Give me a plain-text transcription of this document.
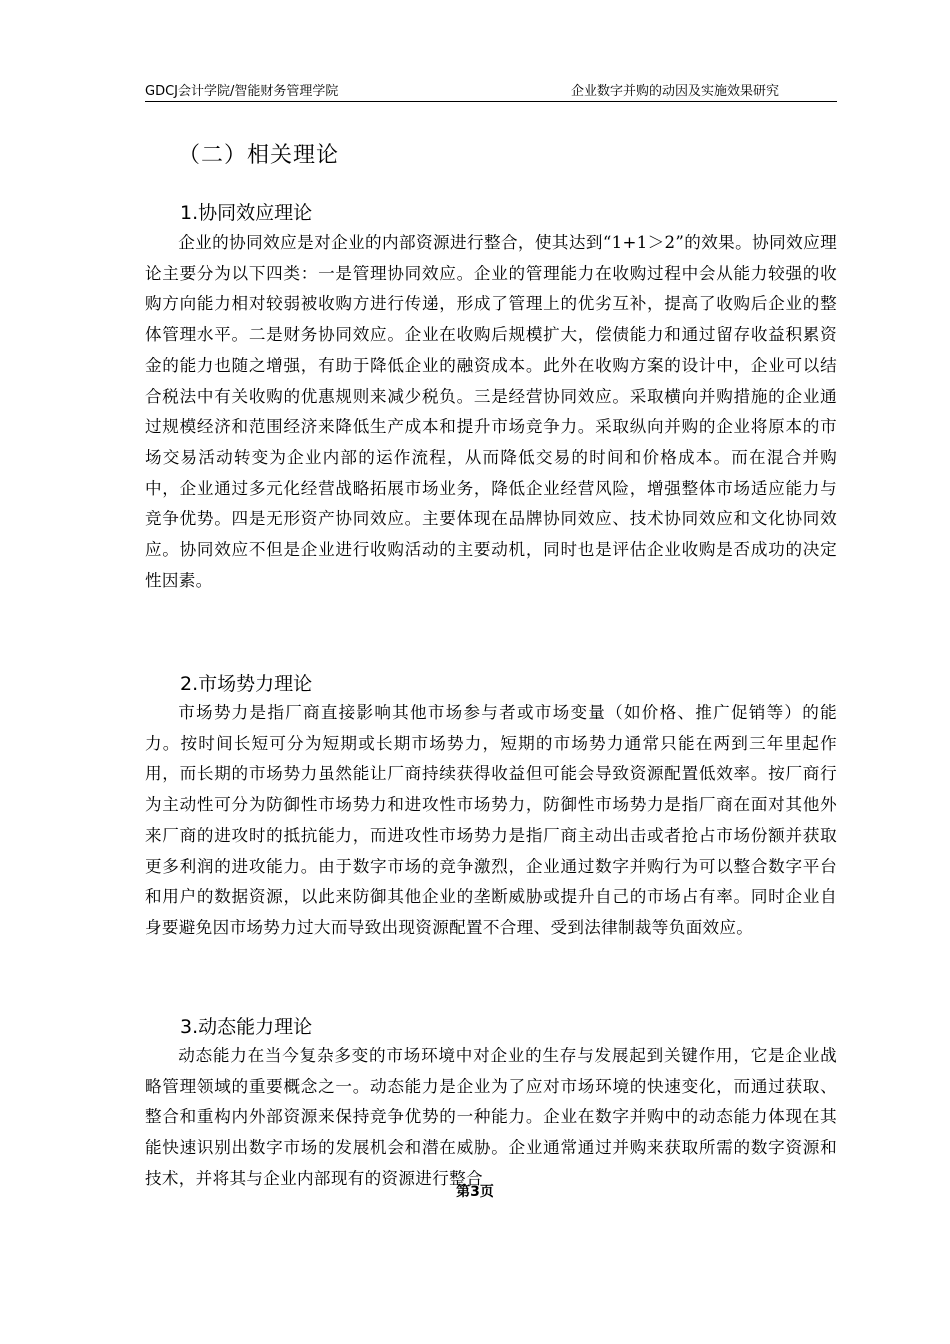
GDCJ会计学院/智能财务管理学院	企业数字并购的动因及实施效果研究
（二）相关理论
1.协同效应理论

企业的协同效应是对企业的内部资源进行整合，使其达到“1+1＞2”的效果。协同效应理论主要分为以下四类：一是管理协同效应。企业的管理能力在收购过程中会从能力较强的收购方向能力相对较弱被收购方进行传递，形成了管理上的优劣互补，提高了收购后企业的整体管理水平。二是财务协同效应。企业在收购后规模扩大，偿债能力和通过留存收益积累资金的能力也随之增强，有助于降低企业的融资成本。此外在收购方案的设计中，企业可以结合税法中有关收购的优惠规则来减少税负。三是经营协同效应。采取横向并购措施的企业通过规模经济和范围经济来降低生产成本和提升市场竞争力。采取纵向并购的企业将原本的市场交易活动转变为企业内部的运作流程，从而降低交易的时间和价格成本。而在混合并购中，企业通过多元化经营战略拓展市场业务，降低企业经营风险，增强整体市场适应能力与竞争优势。四是无形资产协同效应。主要体现在品牌协同效应、技术协同效应和文化协同效应。协同效应不但是企业进行收购活动的主要动机，同时也是评估企业收购是否成功的决定性因素。

2.市场势力理论

市场势力是指厂商直接影响其他市场参与者或市场变量（如价格、推广促销等）的能力。按时间长短可分为短期或长期市场势力，短期的市场势力通常只能在两到三年里起作用，而长期的市场势力虽然能让厂商持续获得收益但可能会导致资源配置低效率。按厂商行为主动性可分为防御性市场势力和进攻性市场势力，防御性市场势力是指厂商在面对其他外来厂商的进攻时的抵抗能力，而进攻性市场势力是指厂商主动出击或者抢占市场份额并获取更多利润的进攻能力。由于数字市场的竞争激烈，企业通过数字并购行为可以整合数字平台和用户的数据资源，以此来防御其他企业的垄断威胁或提升自己的市场占有率。同时企业自身要避免因市场势力过大而导致出现资源配置不合理、受到法律制裁等负面效应。

3.动态能力理论

动态能力在当今复杂多变的市场环境中对企业的生存与发展起到关键作用，它是企业战略管理领域的重要概念之一。动态能力是企业为了应对市场环境的快速变化，而通过获取、整合和重构内外部资源来保持竞争优势的一种能力。企业在数字并购中的动态能力体现在其能快速识别出数字市场的发展机会和潜在威胁。企业通常通过并购来获取所需的数字资源和技术，并将其与企业内部现有的资源进行整合

第3页
